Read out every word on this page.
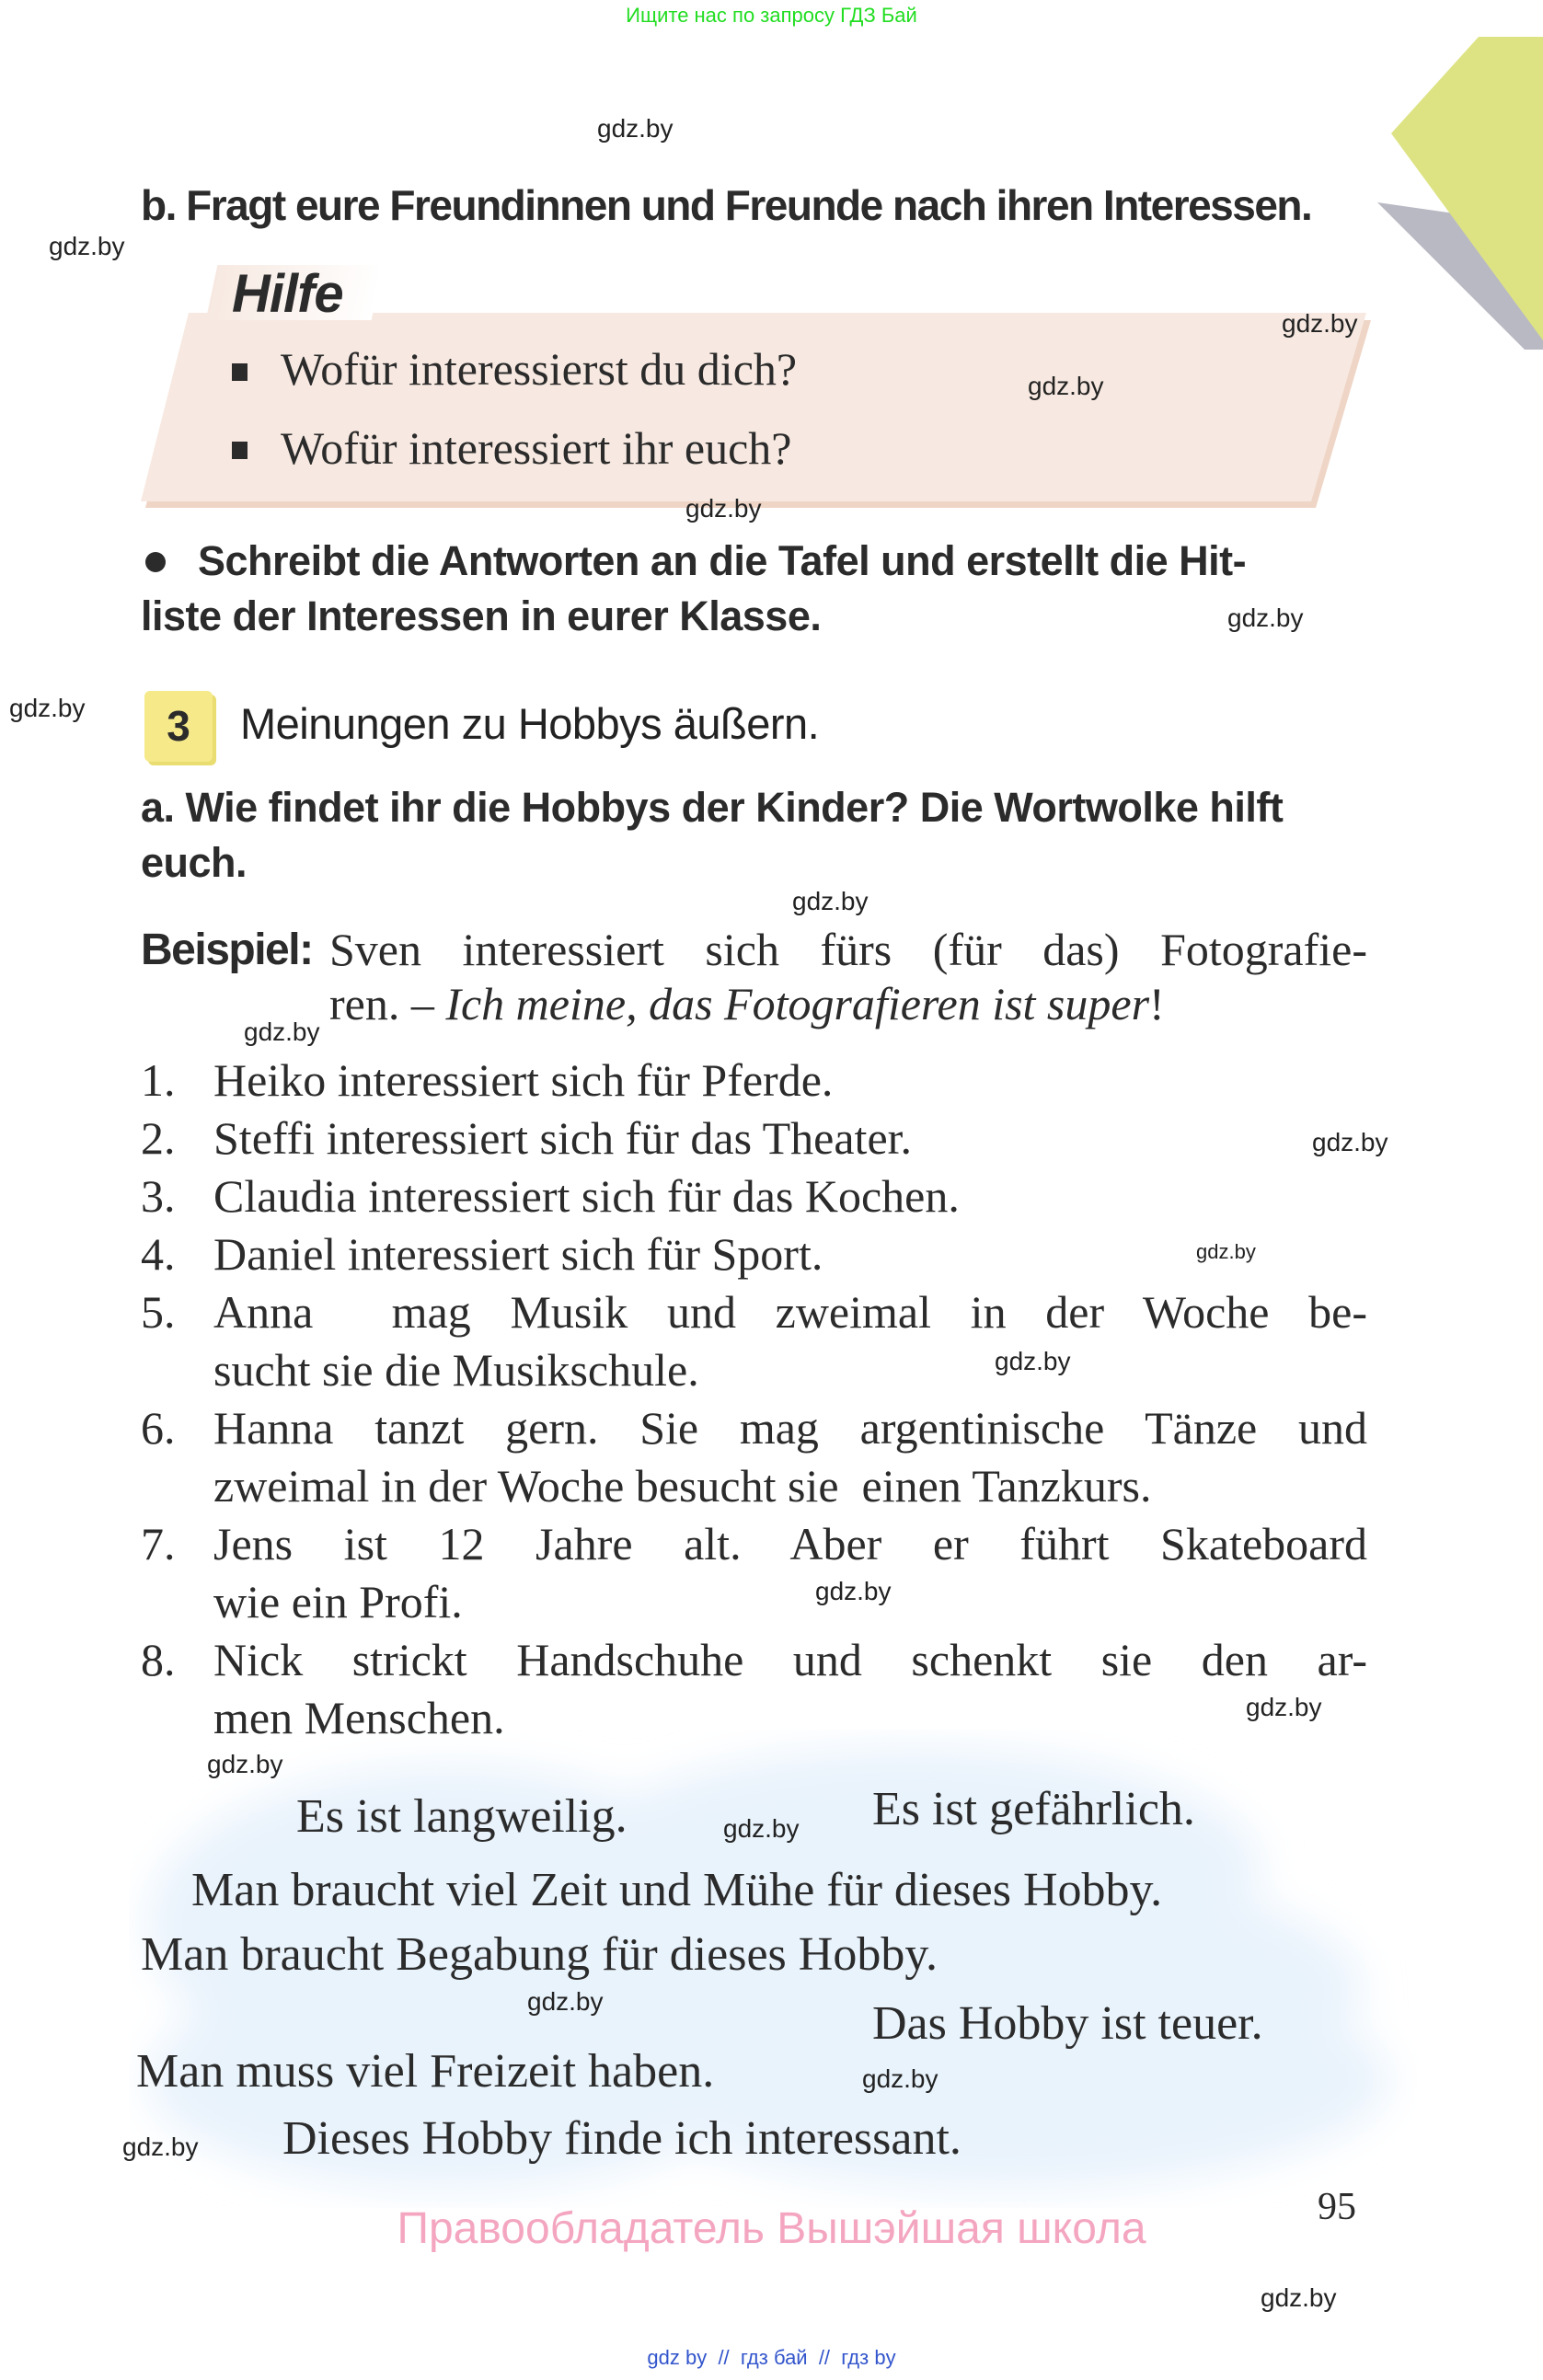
Ищите нас по запросу ГДЗ Бай
b. Fragt eure Freundinnen und Freunde nach ihren Interessen.
Hilfe
Wofür interessierst du dich?
Wofür interessiert ihr euch?
Schreibt die Antworten an die Tafel und erstellt die Hit-
liste der Interessen in eurer Klasse.
3	Meinungen zu Hobbys äußern.
a. Wie findet ihr die Hobbys der Kinder? Die Wortwolke hilft
euch.
Beispiel: Sven interessiert sich fürs (für das) Fotografie-
ren. – Ich meine, das Fotografieren ist super!
1. Heiko interessiert sich für Pferde.
2. Steffi interessiert sich für das Theater.
3. Claudia interessiert sich für das Kochen.
4. Daniel interessiert sich für Sport.
5. Anna  mag Musik und zweimal in der Woche be-
sucht sie die Musikschule.
6. Hanna tanzt gern. Sie mag argentinische Tänze und
zweimal in der Woche besucht sie  einen Tanzkurs.
7. Jens ist 12 Jahre alt. Aber er führt Skateboard
wie ein Profi.
8. Nick strickt Handschuhe und schenkt sie den ar-
men Menschen.
Es ist langweilig.	Es ist gefährlich.
Man braucht viel Zeit und Mühe für dieses Hobby.
Man braucht Begabung für dieses Hobby.
Das Hobby ist teuer.
Man muss viel Freizeit haben.
Dieses Hobby finde ich interessant.
95
Правообладатель Вышэйшая школа
gdz by  //  гдз бай  //  гдз by
gdz.by
gdz.by
gdz.by
gdz.by
gdz.by
gdz.by
gdz.by
gdz.by
gdz.by
gdz.by
gdz.by
gdz.by
gdz.by
gdz.by
gdz.by
gdz.by
gdz.by
gdz.by
gdz.by
gdz.by
